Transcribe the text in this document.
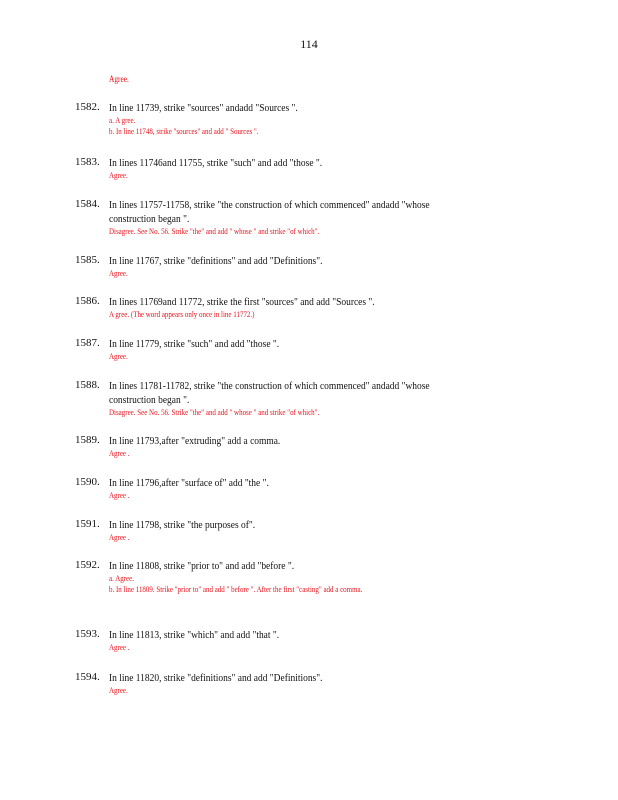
114
Agree.
1582. In line 11739, strike "sources" andadd "Sources ".
a. A gree.
b. In line 11748, strike "sources" and add " Sources ".
1583. In lines 11746and 11755, strike "such" and add "those ".
Agree.
1584. In lines 11757-11758, strike "the construction of which commenced" andadd "whose
construction began ".
Disagree. See No. 56. Strike "the" and add " whose " and strike "of which".
1585. In line 11767, strike "definitions" and add "Definitions".
Agree.
1586. In lines 11769and 11772, strike the first "sources" and add "Sources ".
A gree. (The word appears only once in line 11772.)
1587. In line 11779, strike "such" and add "those ".
Agree.
1588. In lines 11781-11782, strike "the construction of which commenced" andadd "whose
construction began ".
Disagree. See No. 56. Strike "the" and add " whose " and strike "of which".
1589. In line 11793,after "extruding" add a comma.
Agree .
1590. In line 11796,after "surface of" add "the ".
Agree .
1591. In line 11798, strike "the purposes of".
Agree .
1592. In line 11808, strike "prior to" and add "before ".
a. Agree.
b. In line 11809. Strike "prior to" and add " before ". After the first "casting" add a comma.
1593. In line 11813, strike "which" and add "that ".
Agree .
1594. In line 11820, strike "definitions" and add "Definitions".
Agree.
